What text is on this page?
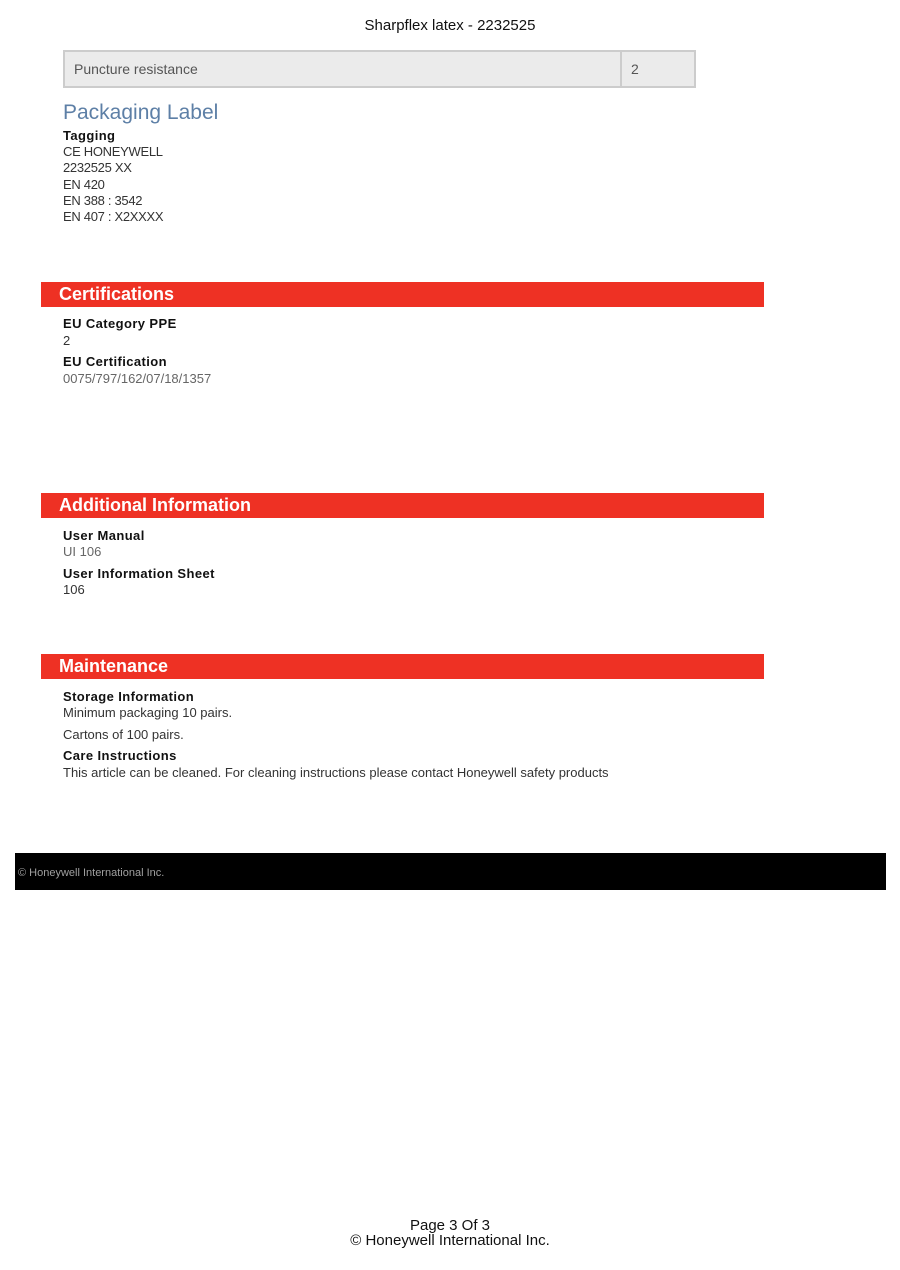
Sharpflex latex - 2232525
Puncture resistance	2
Packaging Label
Tagging
CE HONEYWELL
2232525 XX
EN 420
EN 388 : 3542
EN 407 : X2XXXX
Certifications
EU Category PPE
2
EU Certification
0075/797/162/07/18/1357
Additional Information
User Manual
UI 106
User Information Sheet
106
Maintenance
Storage Information
Minimum packaging 10 pairs.
Cartons of 100 pairs.
Care Instructions
This article can be cleaned. For cleaning instructions please contact Honeywell safety products
© Honeywell International Inc.
Page 3 Of 3
© Honeywell International Inc.
